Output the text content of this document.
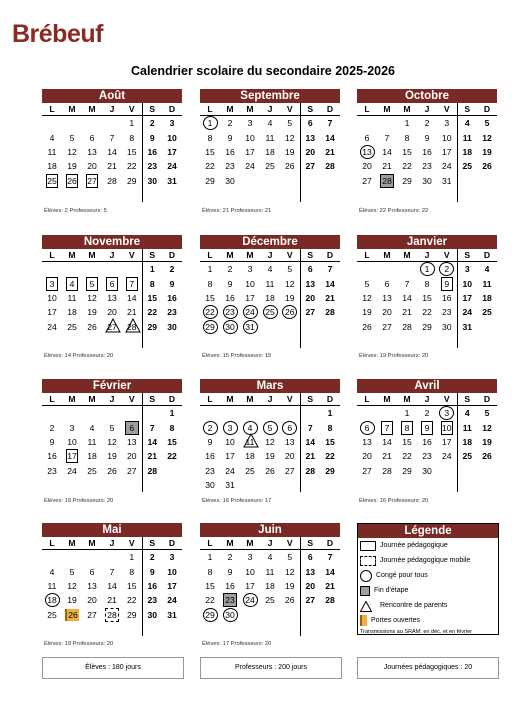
Brébeuf
Calendrier scolaire du secondaire 2025-2026
Août
L	M	M	J	V	S	D
				1	2	3
4	5	6	7	8	9	10
11	12	13	14	15	16	17
18	19	20	21	22	23	24
25	26	27	28	29	30	31

Élèves: 2 Professeurs: 5
Septembre
L	M	M	J	V	S	D
1	2	3	4	5	6	7
8	9	10	11	12	13	14
15	16	17	18	19	20	21
22	23	24	25	26	27	28
29	30					

Élèves: 21 Professeurs: 21
Octobre
L	M	M	J	V	S	D
		1	2	3	4	5
6	7	8	9	10	11	12
13	14	15	16	17	18	19
20	21	22	23	24	25	26
27	28	29	30	31		

Élèves: 22 Professeurs: 22
Novembre
L	M	M	J	V	S	D
					1	2
3	4	5	6	7	8	9
10	11	12	13	14	15	16
17	18	19	20	21	22	23
24	25	26	27	28	29	30

Élèves: 14 Professeurs: 20
Décembre
L	M	M	J	V	S	D
1	2	3	4	5	6	7
8	9	10	11	12	13	14
15	16	17	18	19	20	21
22	23	24	25	26	27	28
29	30	31				

Élèves: 15 Professeurs: 15
Janvier
L	M	M	J	V	S	D
			1	2	3	4
5	6	7	8	9	10	11
12	13	14	15	16	17	18
19	20	21	22	23	24	25
26	27	28	29	30	31	

Élèves: 19 Professeurs: 20
Février
L	M	M	J	V	S	D
						1
2	3	4	5	6	7	8
9	10	11	12	13	14	15
16	17	18	19	20	21	22
23	24	25	26	27	28	

Élèves: 19 Professeurs: 20
Mars
L	M	M	J	V	S	D
						1
2	3	4	5	6	7	8
9	10	11	12	13	14	15
16	17	18	19	20	21	22
23	24	25	26	27	28	29
30	31					
Élèves: 16 Professeurs: 17
Avril
L	M	M	J	V	S	D
		1	2	3	4	5
6	7	8	9	10	11	12
13	14	15	16	17	18	19
20	21	22	23	24	25	26
27	28	29	30			

Élèves: 16 Professeurs: 20
Mai
L	M	M	J	V	S	D
				1	2	3
4	5	6	7	8	9	10
11	12	13	14	15	16	17
18	19	20	21	22	23	24
25	26	27	28	29	30	31

Élèves: 19 Professeurs: 20
Juin
L	M	M	J	V	S	D
1	2	3	4	5	6	7
8	9	10	11	12	13	14
15	16	17	18	19	20	21
22	23	24	25	26	27	28
29	30					

Élèves: 17 Professeurs: 20
Légende
Journée pédagogique
Journée pédagogique mobile
Congé pour tous
Fin d'étape
Rencontre de parents
Portes ouvertes
Transmissions au SRAM: en déc. et en février
Élèves : 180 jours	Professeurs : 200 jours	Journées pédagogiques : 20
